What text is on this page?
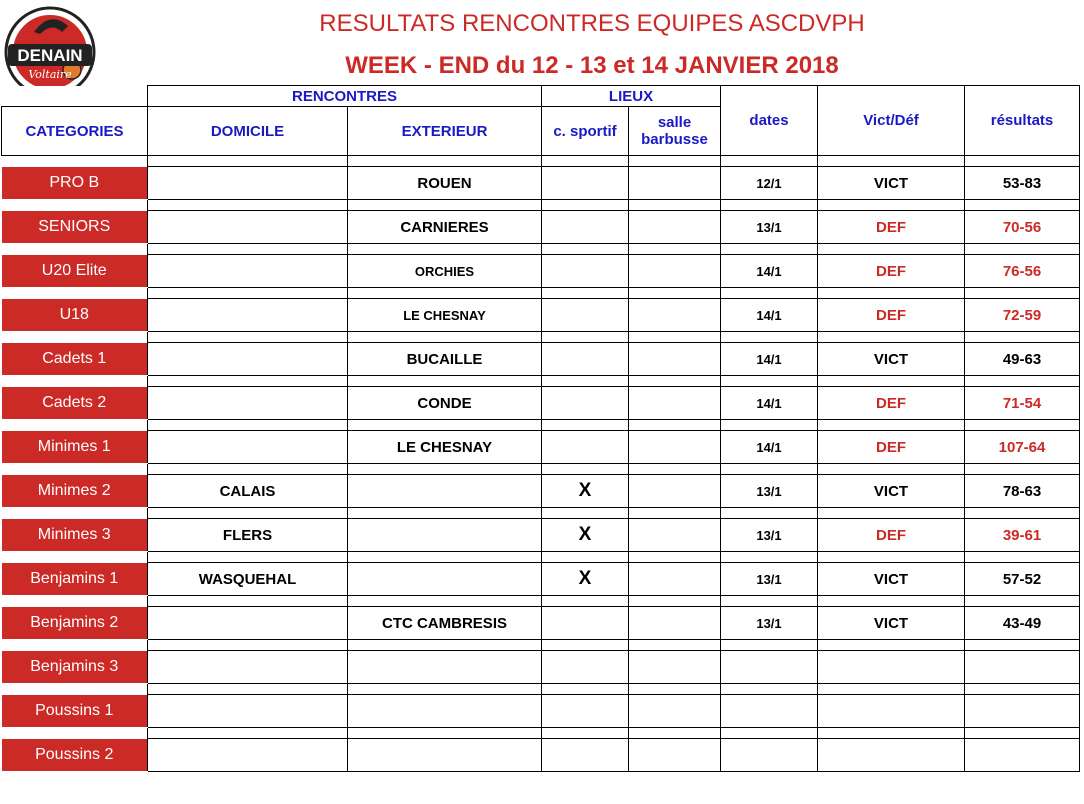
DENAIN
Voltaire
RESULTATS RENCONTRES EQUIPES ASCDVPH
WEEK - END du 12 - 13 et 14 JANVIER 2018
	RENCONTRES		LIEUX		dates	Vict/Déf	résultats
CATEGORIES	DOMICILE	EXTERIEUR	c. sportif	salle
barbusse			

PRO B		ROUEN			12/1	VICT	53-83

SENIORS		CARNIERES			13/1	DEF	70-56

U20 Elite		ORCHIES			14/1	DEF	76-56

U18		LE CHESNAY			14/1	DEF	72-59

Cadets 1		BUCAILLE			14/1	VICT	49-63

Cadets 2		CONDE			14/1	DEF	71-54

Minimes 1		LE CHESNAY			14/1	DEF	107-64

Minimes 2	CALAIS		X		13/1	VICT	78-63

Minimes 3	FLERS		X		13/1	DEF	39-61

Benjamins 1	WASQUEHAL		X		13/1	VICT	57-52

Benjamins 2		CTC CAMBRESIS			13/1	VICT	43-49

Benjamins 3							

Poussins 1							

Poussins 2							
